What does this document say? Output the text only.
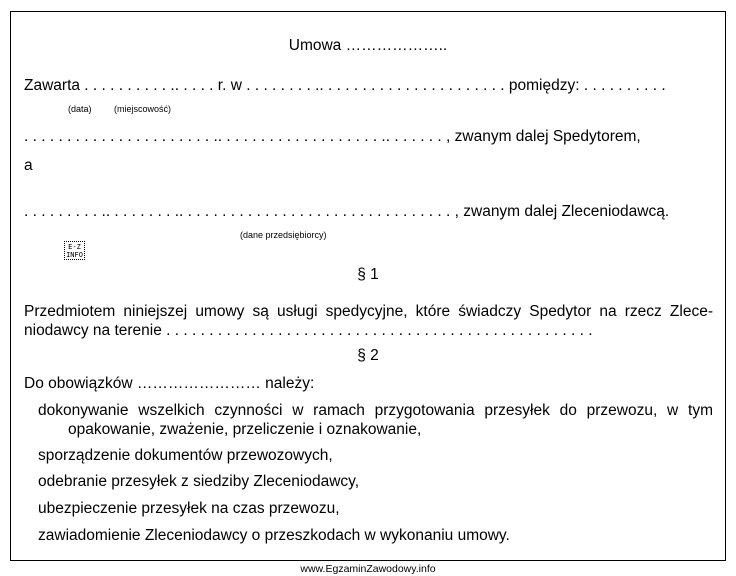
Umowa ………………..
Zawarta . . . . . . . . . . .. . . . . r. w . . . . . . . . .. . . . . . . . . . . . . . . . . . . . . . pomiędzy: . . . . . . . . . .
(data) (miejscowość)
. . . . . . . . . . . . . . . . . . . . . . .. . . . . . . . . . . . . . . . . . . .. . . . . . . , zwanym dalej Spedytorem,
a
. . . . . . . . . .. . . . . . . . .. . . . . . . . . . . . . . . . . . . . . . . . . . . . . . . . , zwanym dalej Zleceniodawcą.
(dane przedsiębiorcy)
E-Z INFO
§ 1
Przedmiotem niniejszej umowy są usługi spedycyjne, które świadczy Spedytor na rzecz Zlece-
niodawcy na terenie . . . . . . . . . . . . . . . . . . . . . . . . . . . . . . . . . . . . . . . . . . . . . . . . . .
§ 2
Do obowiązków …………………… należy:
dokonywanie wszelkich czynności w ramach przygotowania przesyłek do przewozu, w tym
opakowanie, zważenie, przeliczenie i oznakowanie,
sporządzenie dokumentów przewozowych,
odebranie przesyłek z siedziby Zleceniodawcy,
ubezpieczenie przesyłek na czas przewozu,
zawiadomienie Zleceniodawcy o przeszkodach w wykonaniu umowy.
www.EgzaminZawodowy.info
